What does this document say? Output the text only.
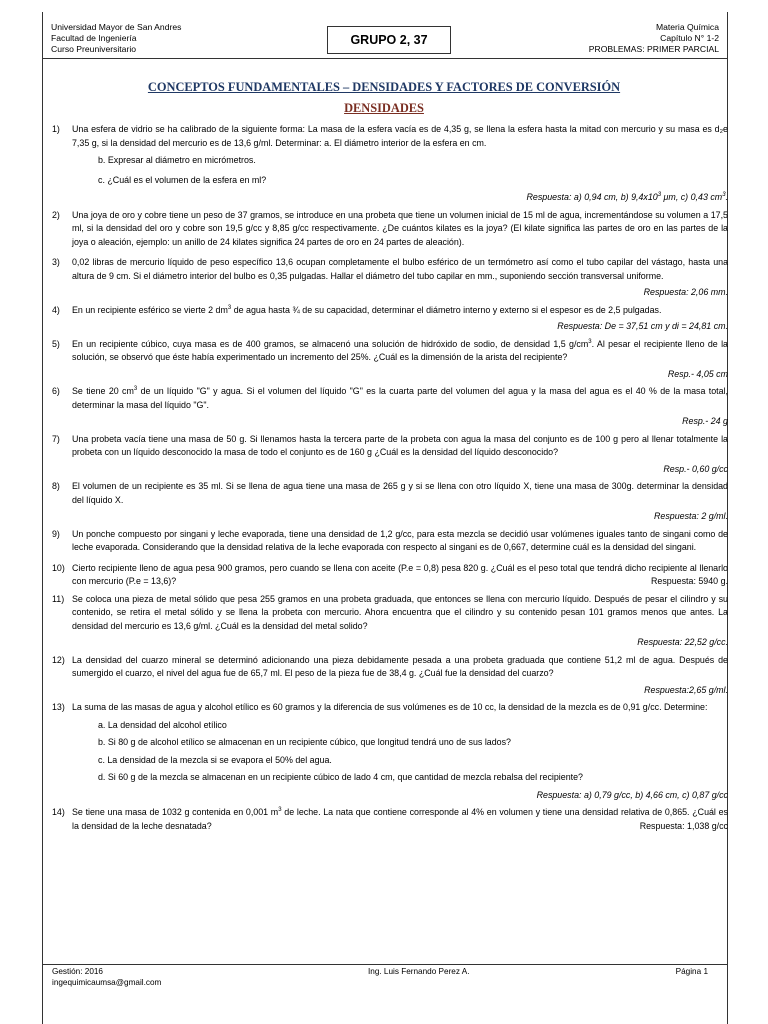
Universidad Mayor de San Andres
Facultad de Ingeniería
Curso Preuniversitario
GRUPO 2, 37
Materia Química
Capítulo N° 1-2
PROBLEMAS: PRIMER PARCIAL
CONCEPTOS FUNDAMENTALES – DENSIDADES Y FACTORES DE CONVERSIÓN
DENSIDADES
1) Una esfera de vidrio se ha calibrado de la siguiente forma: La masa de la esfera vacía es de 4,35 g, se llena la esfera hasta la mitad con mercurio y su masa es d₂e 7,35 g, si la densidad del mercurio es de 13,6 g/ml. Determinar: a. El diámetro interior de la esfera en cm.
b. Expresar al diámetro en micrómetros.
c. ¿Cuál es el volumen de la esfera en ml?
Respuesta: a) 0,94 cm, b) $9,4x10^3$ μm, c) 0,43 $cm^3$.
2) Una joya de oro y cobre tiene un peso de 37 gramos, se introduce en una probeta que tiene un volumen inicial de 15 ml de agua, incrementándose su volumen a 17,5 ml, si la densidad del oro y cobre son 19,5 g/cc y 8,85 g/cc respectivamente. ¿De cuántos kilates es la joya? (El kilate significa las partes de oro en las partes de la joya o aleación, ejemplo: un anillo de 24 kilates significa 24 partes de oro en 24 partes de aleación).
3) 0,02 libras de mercurio líquido de peso específico 13,6 ocupan completamente el bulbo esférico de un termómetro así como el tubo capilar del vástago, hasta una altura de 9 cm. Si el diámetro interior del bulbo es 0,35 pulgadas. Hallar el diámetro del tubo capilar en mm., suponiendo sección transversal uniforme.
Respuesta: 2,06 mm.
4) En un recipiente esférico se vierte 2 $dm^3$ de agua hasta ¾ de su capacidad, determinar el diámetro interno y externo si el espesor es de 2,5 pulgadas.
Respuesta: De = 37,51 cm y di = 24,81 cm.
5) En un recipiente cúbico, cuya masa es de 400 gramos, se almacenó una solución de hidróxido de sodio, de densidad 1,5 $g/cm^3$. Al pesar el recipiente lleno de la solución, se observó que éste había experimentado un incremento del 25%. ¿Cuál es la dimensión de la arista del recipiente?
Resp.- 4,05 cm
6) Se tiene 20 $cm^3$ de un líquido "G" y agua. Si el volumen del líquido "G" es la cuarta parte del volumen del agua y la masa del agua es el 40 % de la masa total, determinar la masa del líquido "G".
Resp.- 24 g
7) Una probeta vacía tiene una masa de 50 g. Si llenamos hasta la tercera parte de la probeta con agua la masa del conjunto es de 100 g pero al llenar totalmente la probeta con un líquido desconocido la masa de todo el conjunto es de 160 g ¿Cuál es la densidad del líquido desconocido?
Resp.- 0,60 g/cc
8) El volumen de un recipiente es 35 ml. Si se llena de agua tiene una masa de 265 g y si se llena con otro líquido X, tiene una masa de 300g. determinar la densidad del líquido X.
Respuesta: 2 g/ml.
9) Un ponche compuesto por singani y leche evaporada, tiene una densidad de 1,2 g/cc, para esta mezcla se decidió usar volúmenes iguales tanto de singani como de leche evaporada. Considerando que la densidad relativa de la leche evaporada con respecto al singani es de 0,667, determine cuál es la densidad del singani.
10) Cierto recipiente lleno de agua pesa 900 gramos, pero cuando se llena con aceite (P.e = 0,8) pesa 820 g. ¿Cuál es el peso total que tendrá dicho recipiente al llenarlo con mercurio (P.e = 13,6)?	Respuesta: 5940 g.
11) Se coloca una pieza de metal sólido que pesa 255 gramos en una probeta graduada, que entonces se llena con mercurio líquido. Después de pesar el cilindro y su contenido, se retira el metal sólido y se llena la probeta con mercurio. Ahora encuentra que el cilindro y su contenido pesan 101 gramos menos que antes. La densidad del mercurio es 13,6 g/ml. ¿Cuál es la densidad del metal solido?
Respuesta: 22,52 g/cc.
12) La densidad del cuarzo mineral se determinó adicionando una pieza debidamente pesada a una probeta graduada que contiene 51,2 ml de agua. Después de sumergido el cuarzo, el nivel del agua fue de 65,7 ml. El peso de la pieza fue de 38,4 g. ¿Cuál fue la densidad del cuarzo?
Respuesta:2,65 g/ml.
13) La suma de las masas de agua y alcohol etílico es 60 gramos y la diferencia de sus volúmenes es de 10 cc, la densidad de la mezcla es de 0,91 g/cc. Determine:
a. La densidad del alcohol etílico
b. Si 80 g de alcohol etílico se almacenan en un recipiente cúbico, que longitud tendrá uno de sus lados?
c. La densidad de la mezcla si se evapora el 50% del agua.
d. Si 60 g de la mezcla se almacenan en un recipiente cúbico de lado 4 cm, que cantidad de mezcla rebalsa del recipiente?
Respuesta: a) 0,79 g/cc, b) 4,66 cm, c) 0,87 g/cc
14) Se tiene una masa de 1032 g contenida en 0,001 $m^3$ de leche. La nata que contiene corresponde al 4% en volumen y tiene una densidad relativa de 0,865. ¿Cuál es la densidad de la leche desnatada?	Respuesta: 1,038 g/cc
Gestión: 2016
ingequimicaumsa@gmail.com
Ing. Luis Fernando Perez A.	Página 1
